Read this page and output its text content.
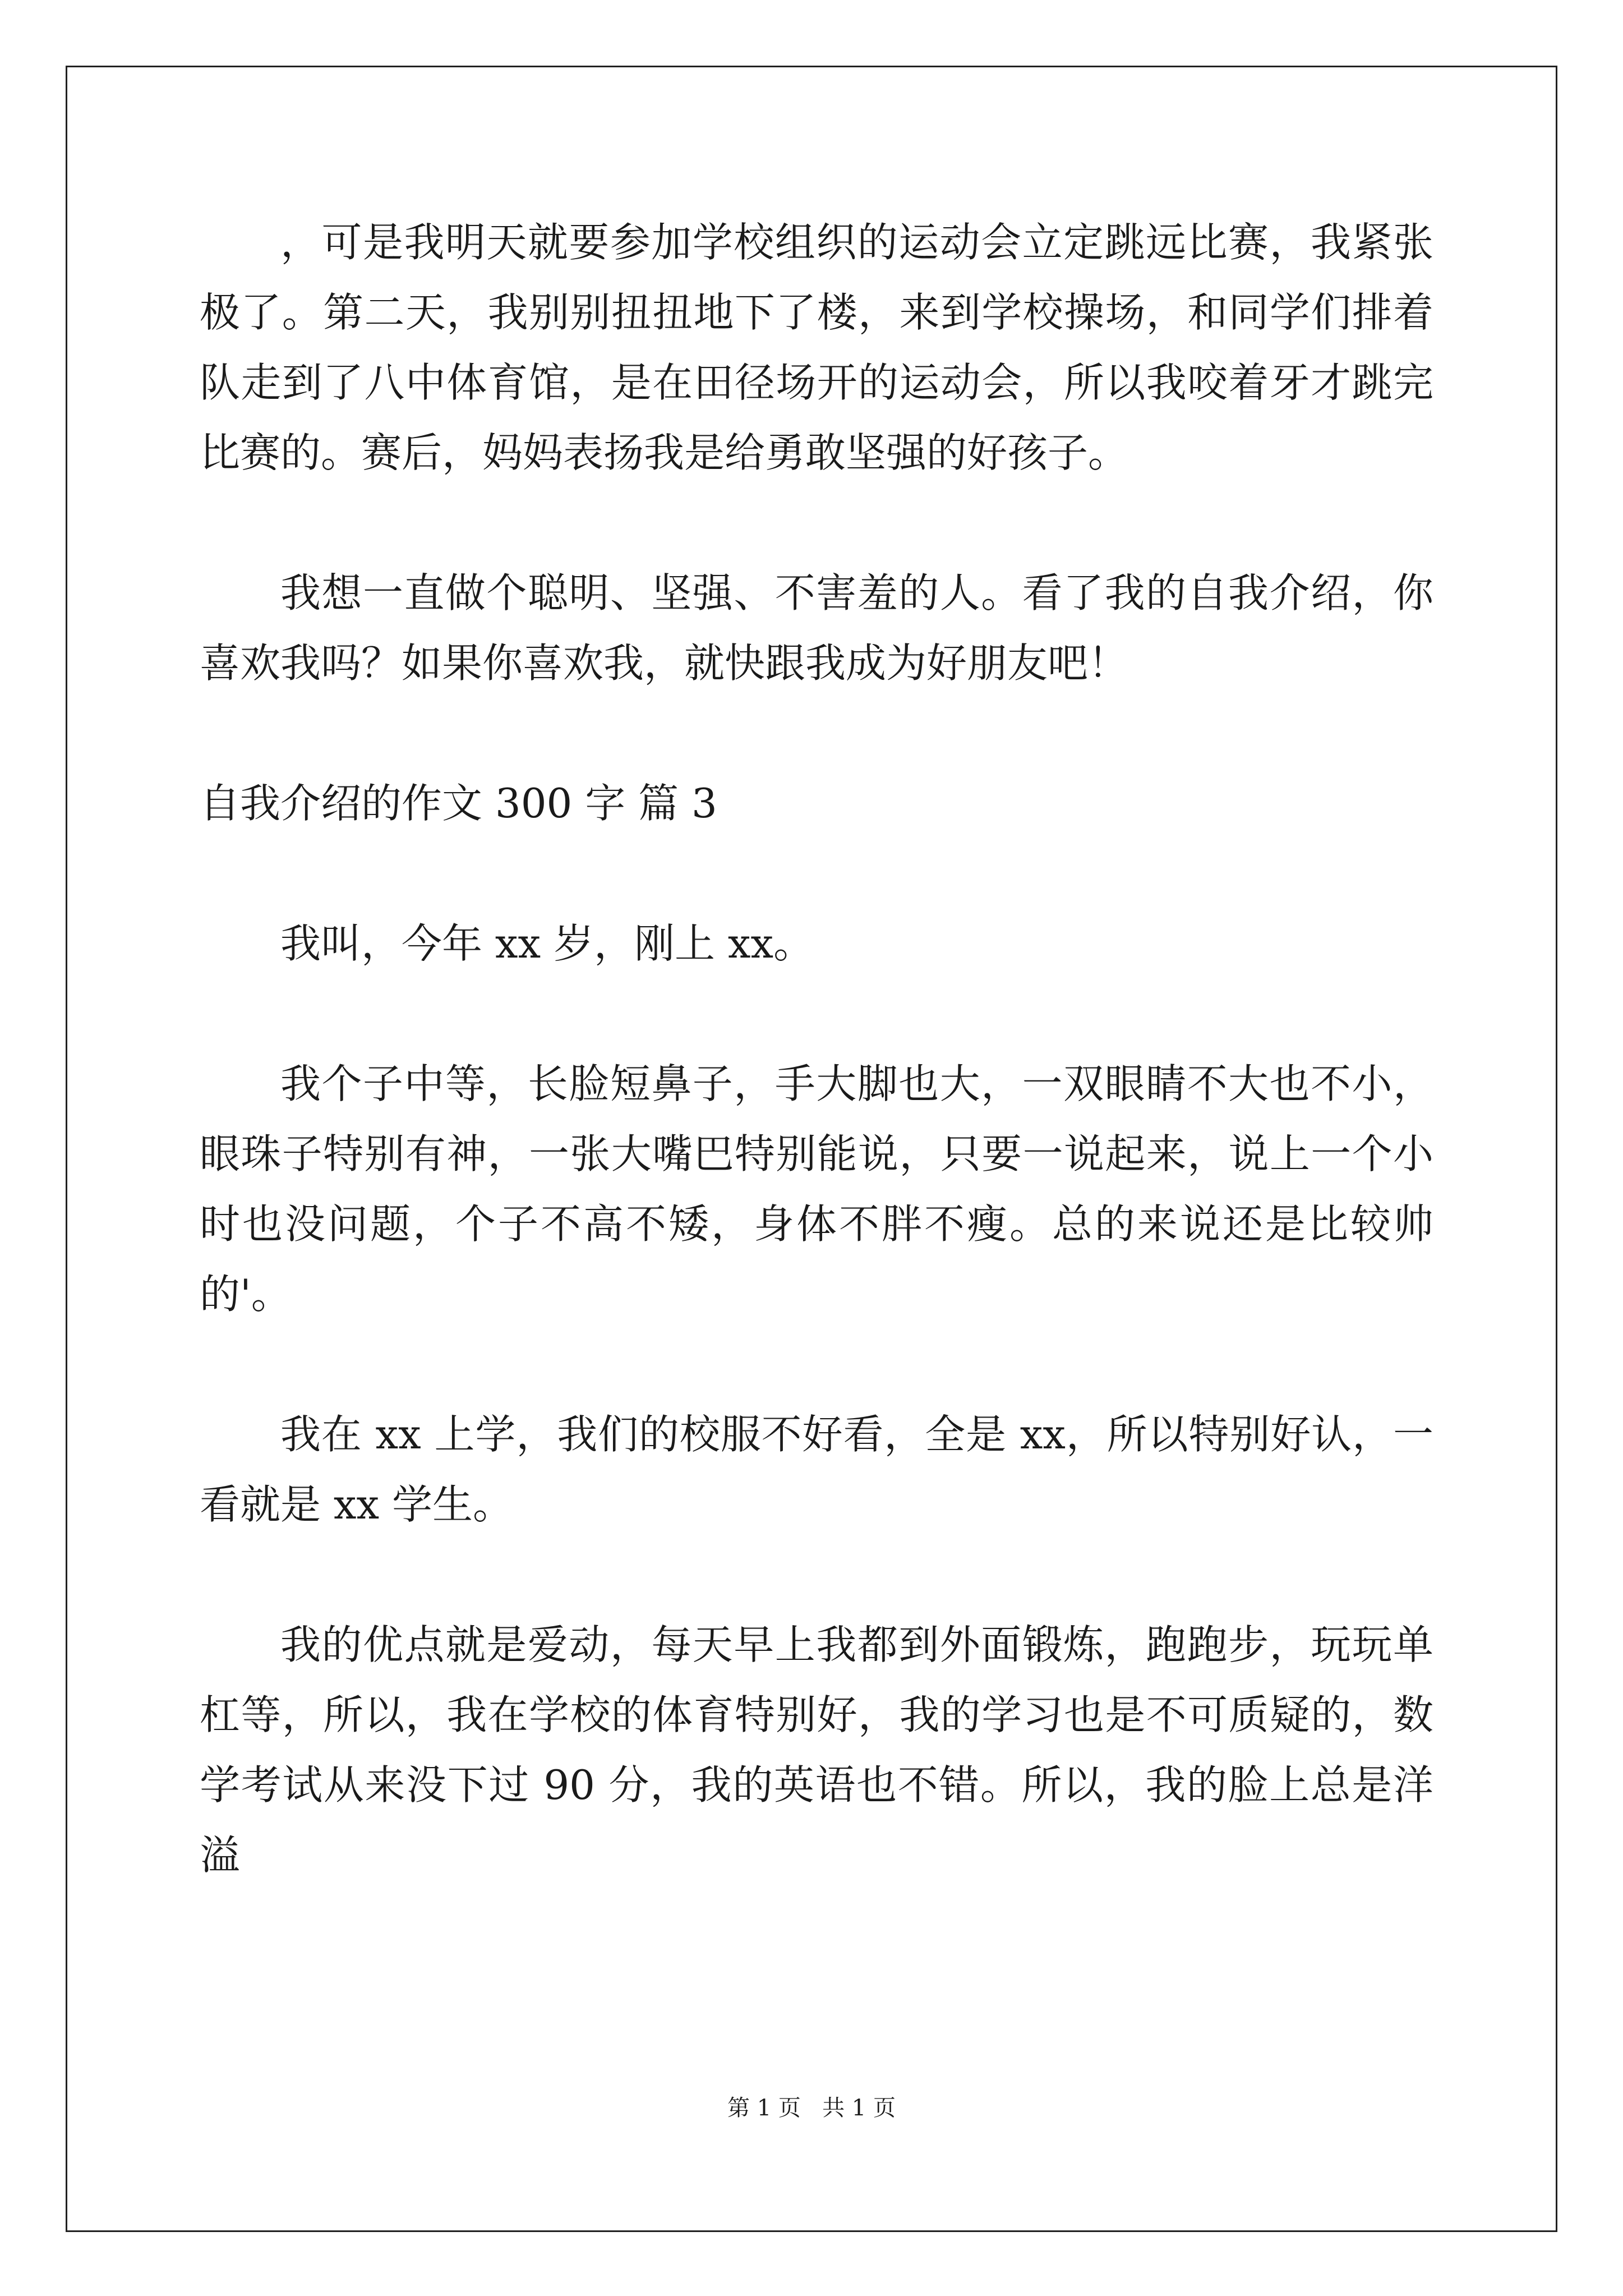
，可是我明天就要参加学校组织的运动会立定跳远比赛，我紧张极了。第二天，我别别扭扭地下了楼，来到学校操场，和同学们排着队走到了八中体育馆，是在田径场开的运动会，所以我咬着牙才跳完比赛的。赛后，妈妈表扬我是给勇敢坚强的好孩子。

我想一直做个聪明、坚强、不害羞的人。看了我的自我介绍，你喜欢我吗？如果你喜欢我，就快跟我成为好朋友吧！

自我介绍的作文 300 字 篇 3

我叫，今年 xx 岁，刚上 xx。

我个子中等，长脸短鼻子，手大脚也大，一双眼睛不大也不小，眼珠子特别有神，一张大嘴巴特别能说，只要一说起来，说上一个小时也没问题，个子不高不矮，身体不胖不瘦。总的来说还是比较帅的'。

我在 xx 上学，我们的校服不好看，全是 xx，所以特别好认，一看就是 xx 学生。

我的优点就是爱动，每天早上我都到外面锻炼，跑跑步，玩玩单杠等，所以，我在学校的体育特别好，我的学习也是不可质疑的，数学考试从来没下过 90 分，我的英语也不错。所以，我的脸上总是洋溢

第 1 页   共 1 页
